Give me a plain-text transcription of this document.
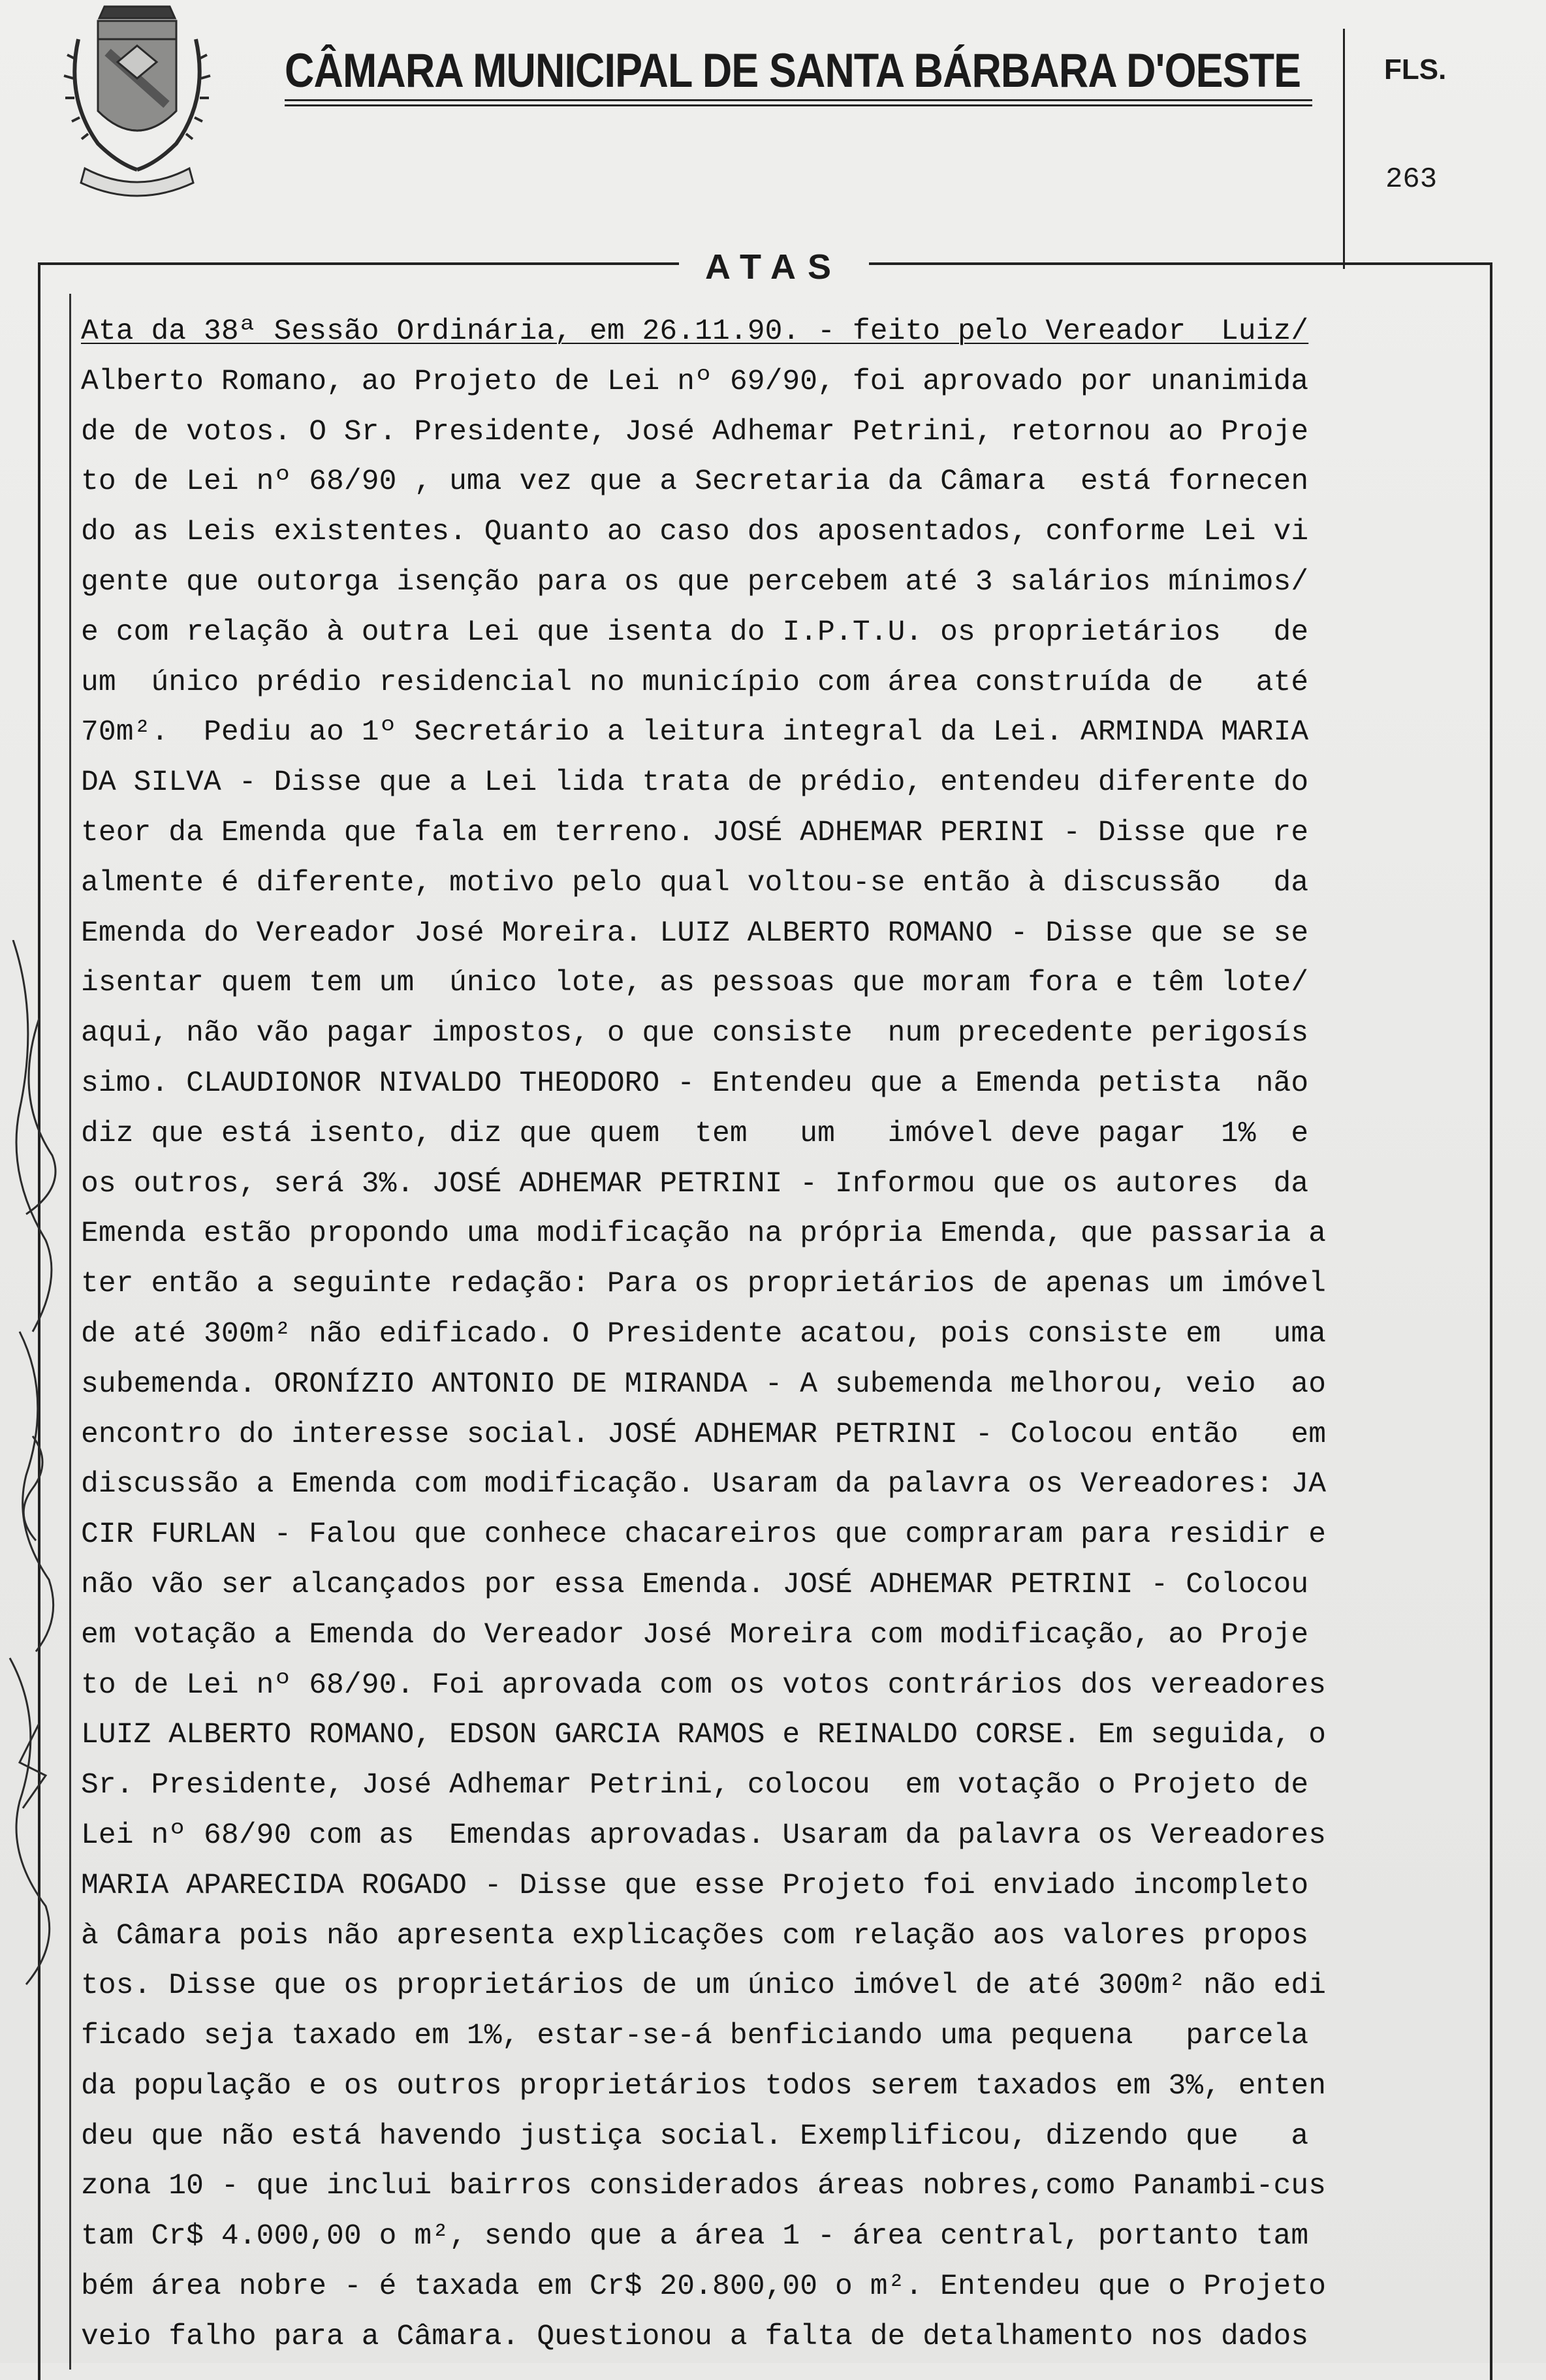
CÂMARA MUNICIPAL DE SANTA BÁRBARA D'OESTE	FLS.
263
ATAS
Ata da 38ª Sessão Ordinária, em 26.11.90. - feito pelo Vereador  Luiz/
Alberto Romano, ao Projeto de Lei nº 69/90, foi aprovado por unanimida
de de votos. O Sr. Presidente, José Adhemar Petrini, retornou ao Proje
to de Lei nº 68/90 , uma vez que a Secretaria da Câmara  está fornecen
do as Leis existentes. Quanto ao caso dos aposentados, conforme Lei vi
gente que outorga isenção para os que percebem até 3 salários mínimos/
e com relação à outra Lei que isenta do I.P.T.U. os proprietários   de
um  único prédio residencial no município com área construída de   até
70m².  Pediu ao 1º Secretário a leitura integral da Lei. ARMINDA MARIA
DA SILVA - Disse que a Lei lida trata de prédio, entendeu diferente do
teor da Emenda que fala em terreno. JOSÉ ADHEMAR PERINI - Disse que re
almente é diferente, motivo pelo qual voltou-se então à discussão   da
Emenda do Vereador José Moreira. LUIZ ALBERTO ROMANO - Disse que se se
isentar quem tem um  único lote, as pessoas que moram fora e têm lote/
aqui, não vão pagar impostos, o que consiste  num precedente perigosís
simo. CLAUDIONOR NIVALDO THEODORO - Entendeu que a Emenda petista  não
diz que está isento, diz que quem  tem   um   imóvel deve pagar  1%  e
os outros, será 3%. JOSÉ ADHEMAR PETRINI - Informou que os autores  da
Emenda estão propondo uma modificação na própria Emenda, que passaria a
ter então a seguinte redação: Para os proprietários de apenas um imóvel
de até 300m² não edificado. O Presidente acatou, pois consiste em   uma
subemenda. ORONÍZIO ANTONIO DE MIRANDA - A subemenda melhorou, veio  ao
encontro do interesse social. JOSÉ ADHEMAR PETRINI - Colocou então   em
discussão a Emenda com modificação. Usaram da palavra os Vereadores: JA
CIR FURLAN - Falou que conhece chacareiros que compraram para residir e
não vão ser alcançados por essa Emenda. JOSÉ ADHEMAR PETRINI - Colocou
em votação a Emenda do Vereador José Moreira com modificação, ao Proje
to de Lei nº 68/90. Foi aprovada com os votos contrários dos vereadores
LUIZ ALBERTO ROMANO, EDSON GARCIA RAMOS e REINALDO CORSE. Em seguida, o
Sr. Presidente, José Adhemar Petrini, colocou  em votação o Projeto de
Lei nº 68/90 com as  Emendas aprovadas. Usaram da palavra os Vereadores
MARIA APARECIDA ROGADO - Disse que esse Projeto foi enviado incompleto
à Câmara pois não apresenta explicações com relação aos valores propos
tos. Disse que os proprietários de um único imóvel de até 300m² não edi
ficado seja taxado em 1%, estar-se-á benficiando uma pequena   parcela
da população e os outros proprietários todos serem taxados em 3%, enten
deu que não está havendo justiça social. Exemplificou, dizendo que   a
zona 10 - que inclui bairros considerados áreas nobres,como Panambi-cus
tam Cr$ 4.000,00 o m², sendo que a área 1 - área central, portanto tam
bém área nobre - é taxada em Cr$ 20.800,00 o m². Entendeu que o Projeto
veio falho para a Câmara. Questionou a falta de detalhamento nos dados
